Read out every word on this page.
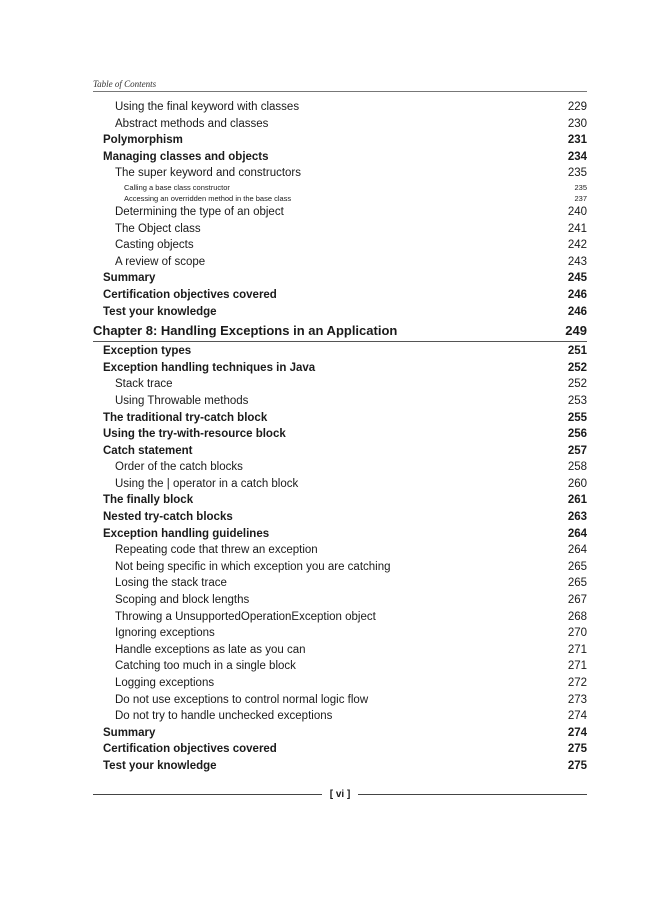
Table of Contents
Using the final keyword with classes	229
Abstract methods and classes	230
Polymorphism	231
Managing classes and objects	234
The super keyword and constructors	235
Calling a base class constructor	235
Accessing an overridden method in the base class	237
Determining the type of an object	240
The Object class	241
Casting objects	242
A review of scope	243
Summary	245
Certification objectives covered	246
Test your knowledge	246
Chapter 8: Handling Exceptions in an Application	249
Exception types	251
Exception handling techniques in Java	252
Stack trace	252
Using Throwable methods	253
The traditional try-catch block	255
Using the try-with-resource block	256
Catch statement	257
Order of the catch blocks	258
Using the | operator in a catch block	260
The finally block	261
Nested try-catch blocks	263
Exception handling guidelines	264
Repeating code that threw an exception	264
Not being specific in which exception you are catching	265
Losing the stack trace	265
Scoping and block lengths	267
Throwing a UnsupportedOperationException object	268
Ignoring exceptions	270
Handle exceptions as late as you can	271
Catching too much in a single block	271
Logging exceptions	272
Do not use exceptions to control normal logic flow	273
Do not try to handle unchecked exceptions	274
Summary	274
Certification objectives covered	275
Test your knowledge	275
[ vi ]
